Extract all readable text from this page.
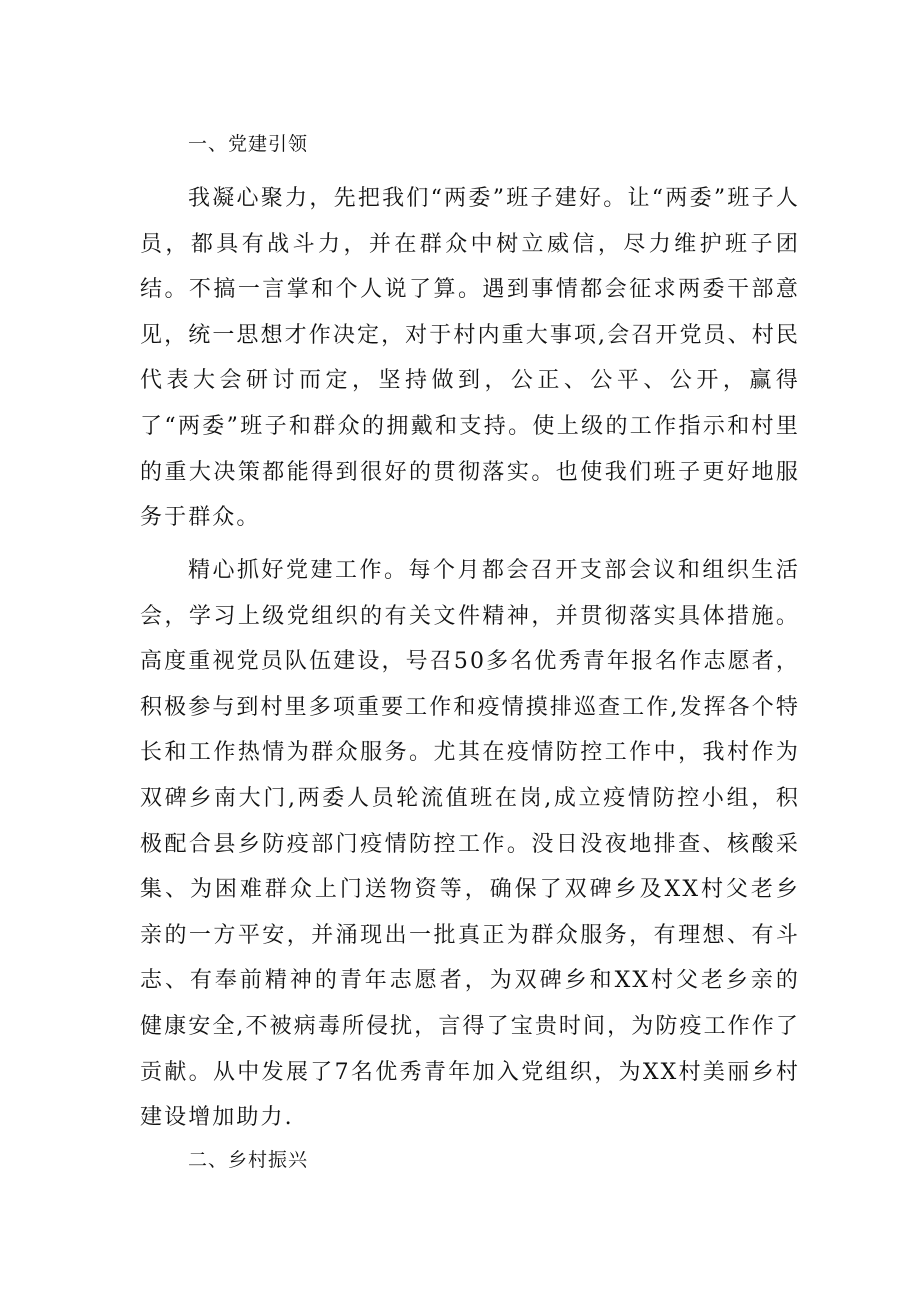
一、党建引领
我凝心聚力，先把我们“两委”班子建好。让“两委”班子人员，都具有战斗力，并在群众中树立威信，尽力维护班子团结。不搞一言掌和个人说了算。遇到事情都会征求两委干部意见，统一思想才作决定，对于村内重大事项,会召开党员、村民代表大会研讨而定，坚持做到，公正、公平、公开，赢得了“两委”班子和群众的拥戴和支持。使上级的工作指示和村里的重大决策都能得到很好的贯彻落实。也使我们班子更好地服务于群众。
精心抓好党建工作。每个月都会召开支部会议和组织生活会，学习上级党组织的有关文件精神，并贯彻落实具体措施。高度重视党员队伍建设，号召50多名优秀青年报名作志愿者，积极参与到村里多项重要工作和疫情摸排巡查工作,发挥各个特长和工作热情为群众服务。尤其在疫情防控工作中，我村作为双碑乡南大门,两委人员轮流值班在岗,成立疫情防控小组，积极配合县乡防疫部门疫情防控工作。没日没夜地排查、核酸采集、为困难群众上门送物资等，确保了双碑乡及XX村父老乡亲的一方平安，并涌现出一批真正为群众服务，有理想、有斗志、有奉前精神的青年志愿者，为双碑乡和XX村父老乡亲的健康安全,不被病毒所侵扰，言得了宝贵时间，为防疫工作作了贡献。从中发展了7名优秀青年加入党组织，为XX村美丽乡村建设增加助力.
二、乡村振兴
